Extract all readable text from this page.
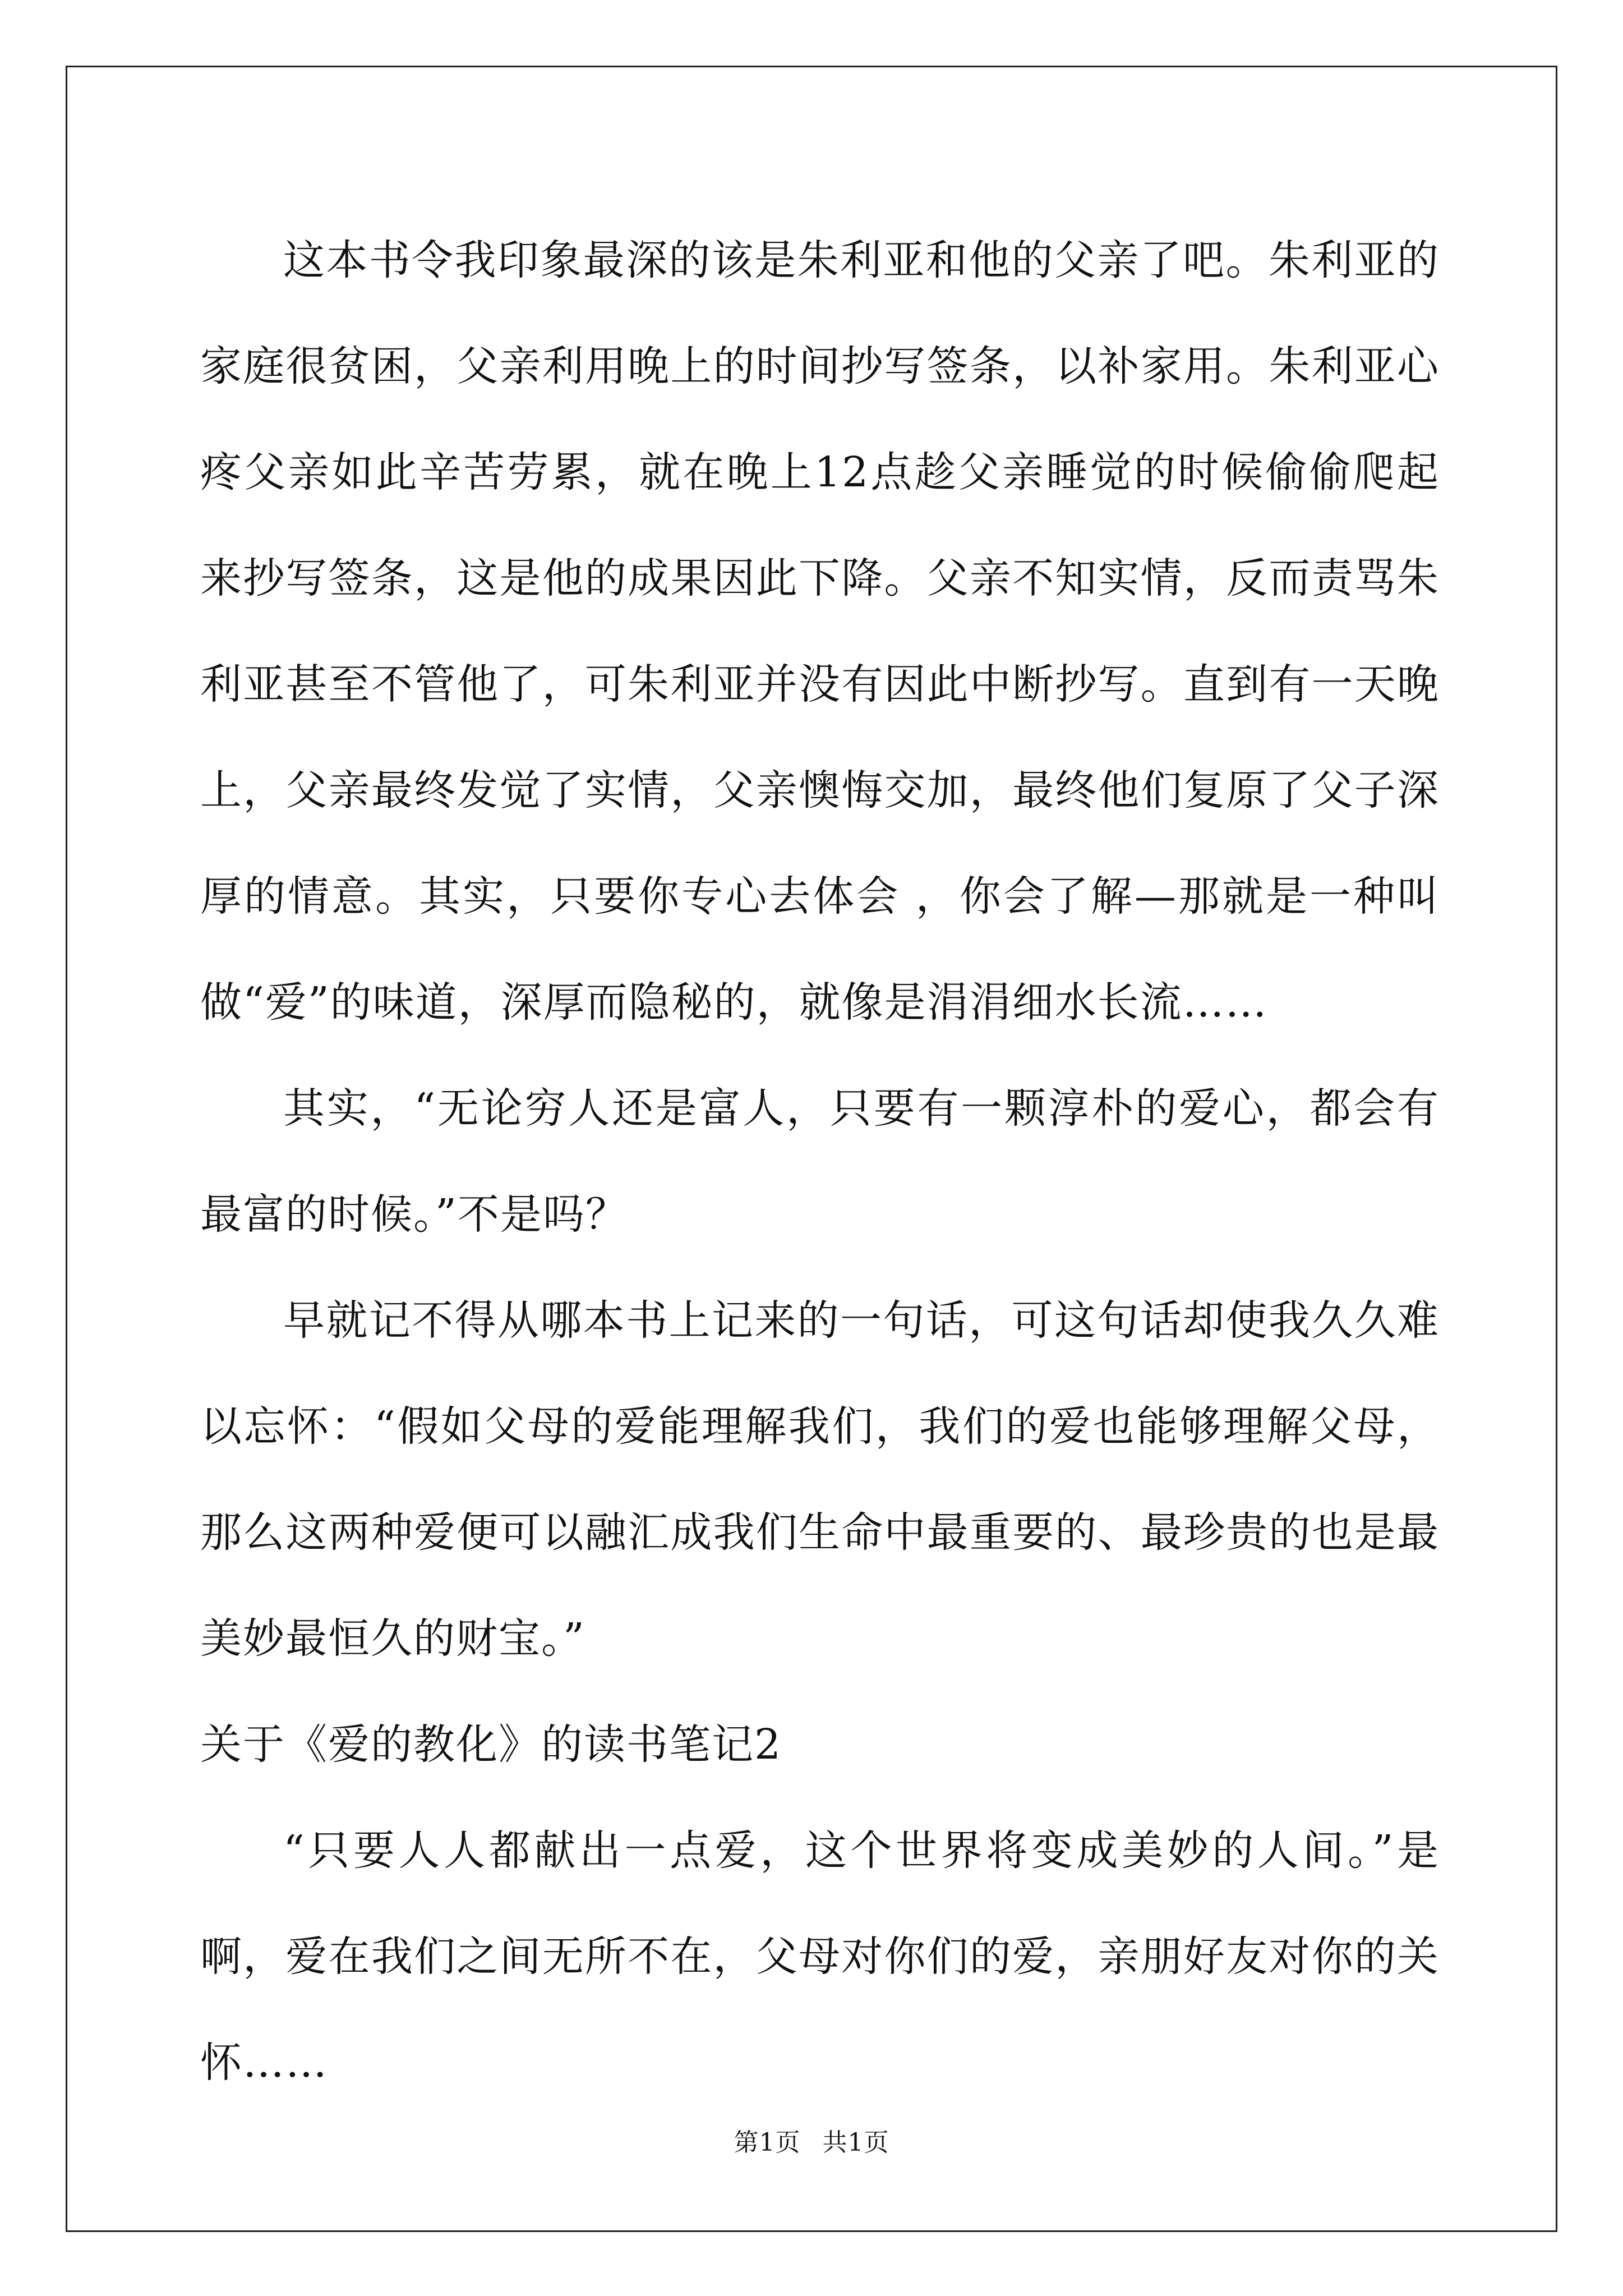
这本书令我印象最深的该是朱利亚和他的父亲了吧。朱利亚的家庭很贫困，父亲利用晚上的时间抄写签条，以补家用。朱利亚心疼父亲如此辛苦劳累，就在晚上12点趁父亲睡觉的时候偷偷爬起来抄写签条，这是他的成果因此下降。父亲不知实情，反而责骂朱利亚甚至不管他了，可朱利亚并没有因此中断抄写。直到有一天晚上，父亲最终发觉了实情，父亲懊悔交加，最终他们复原了父子深厚的情意。其实，只要你专心去体会 ，你会了解—那就是一种叫做“爱”的味道，深厚而隐秘的，就像是涓涓细水长流……

其实，“无论穷人还是富人，只要有一颗淳朴的爱心，都会有最富的时候。”不是吗？

早就记不得从哪本书上记来的一句话，可这句话却使我久久难以忘怀：“假如父母的爱能理解我们，我们的爱也能够理解父母，那么这两种爱便可以融汇成我们生命中最重要的、最珍贵的也是最美妙最恒久的财宝。”

关于《爱的教化》的读书笔记2

“只要人人都献出一点爱，这个世界将变成美妙的人间。”是啊，爱在我们之间无所不在，父母对你们的爱，亲朋好友对你的关怀……

第1页 共1页
